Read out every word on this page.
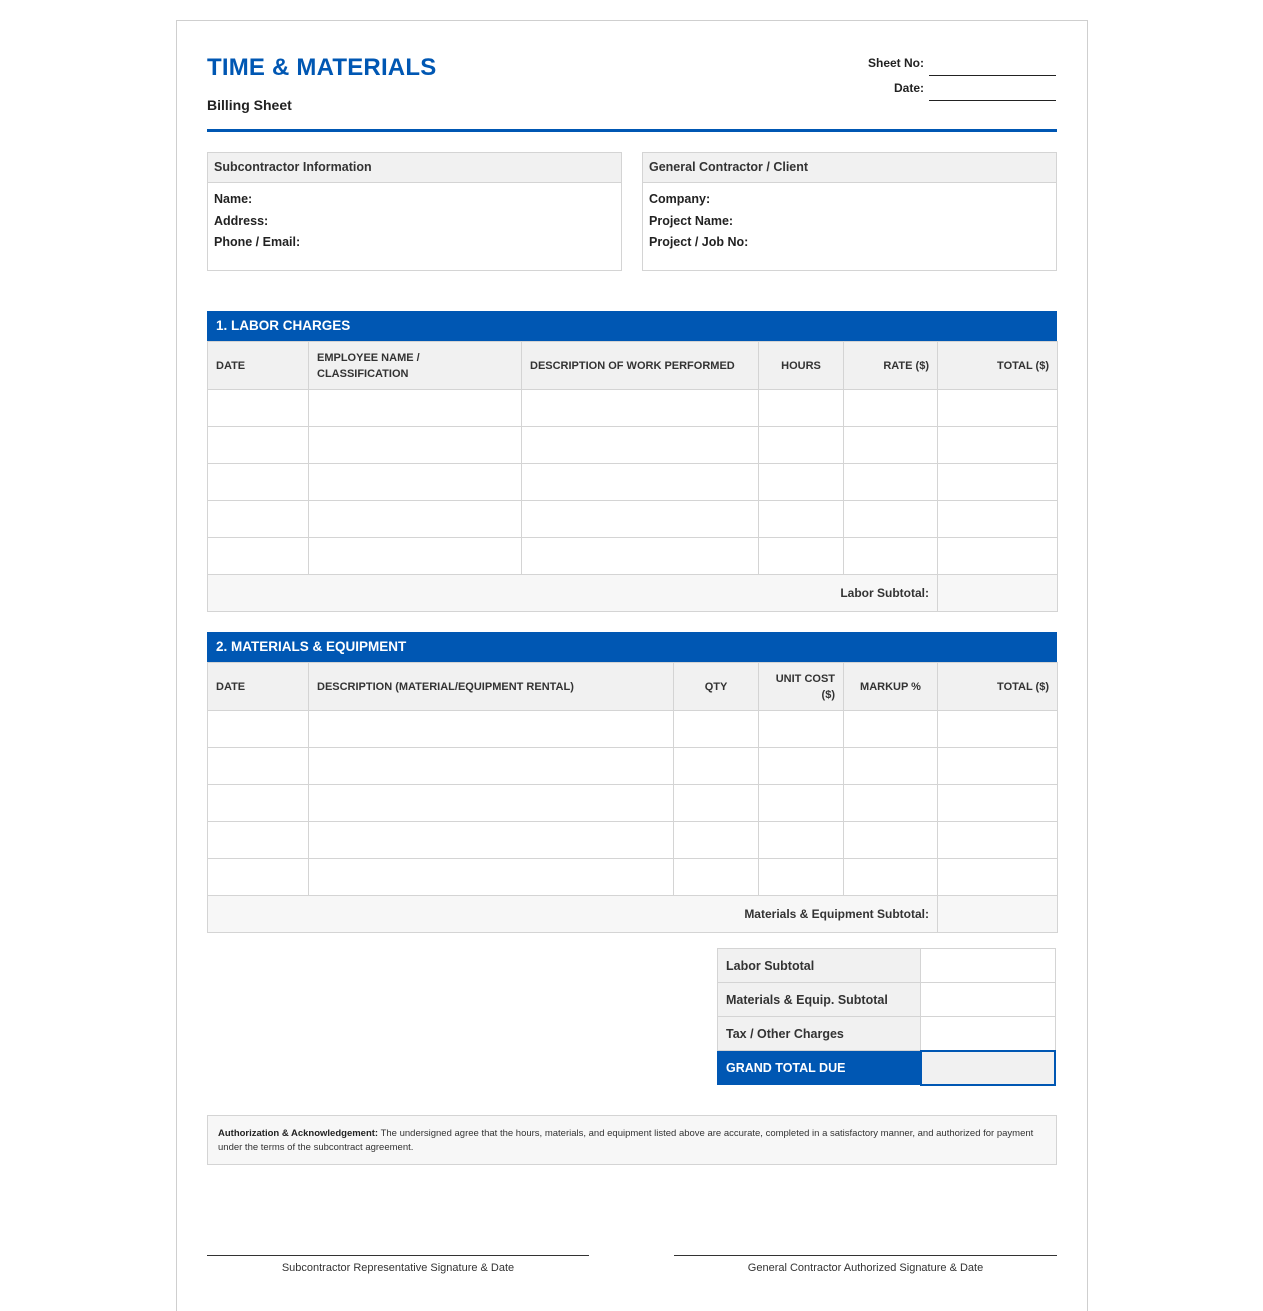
TIME & MATERIALS
Billing Sheet
Sheet No:
Date:
Subcontractor Information
Name:
Address:
Phone / Email:
General Contractor / Client
Company:
Project Name:
Project / Job No:
1. LABOR CHARGES
DATE	EMPLOYEE NAME / CLASSIFICATION	DESCRIPTION OF WORK PERFORMED	HOURS	RATE ($)	TOTAL ($)

Labor Subtotal:					
2. MATERIALS & EQUIPMENT
DATE	DESCRIPTION (MATERIAL/EQUIPMENT RENTAL)	QTY	UNIT COST ($)	MARKUP %	TOTAL ($)

Materials & Equipment Subtotal:					
Labor Subtotal	
Materials & Equip. Subtotal	
Tax / Other Charges	
GRAND TOTAL DUE	
Authorization & Acknowledgement: The undersigned agree that the hours, materials, and equipment listed above are accurate, completed in a satisfactory manner, and authorized for payment under the terms of the subcontract agreement.
Subcontractor Representative Signature & Date	General Contractor Authorized Signature & Date
